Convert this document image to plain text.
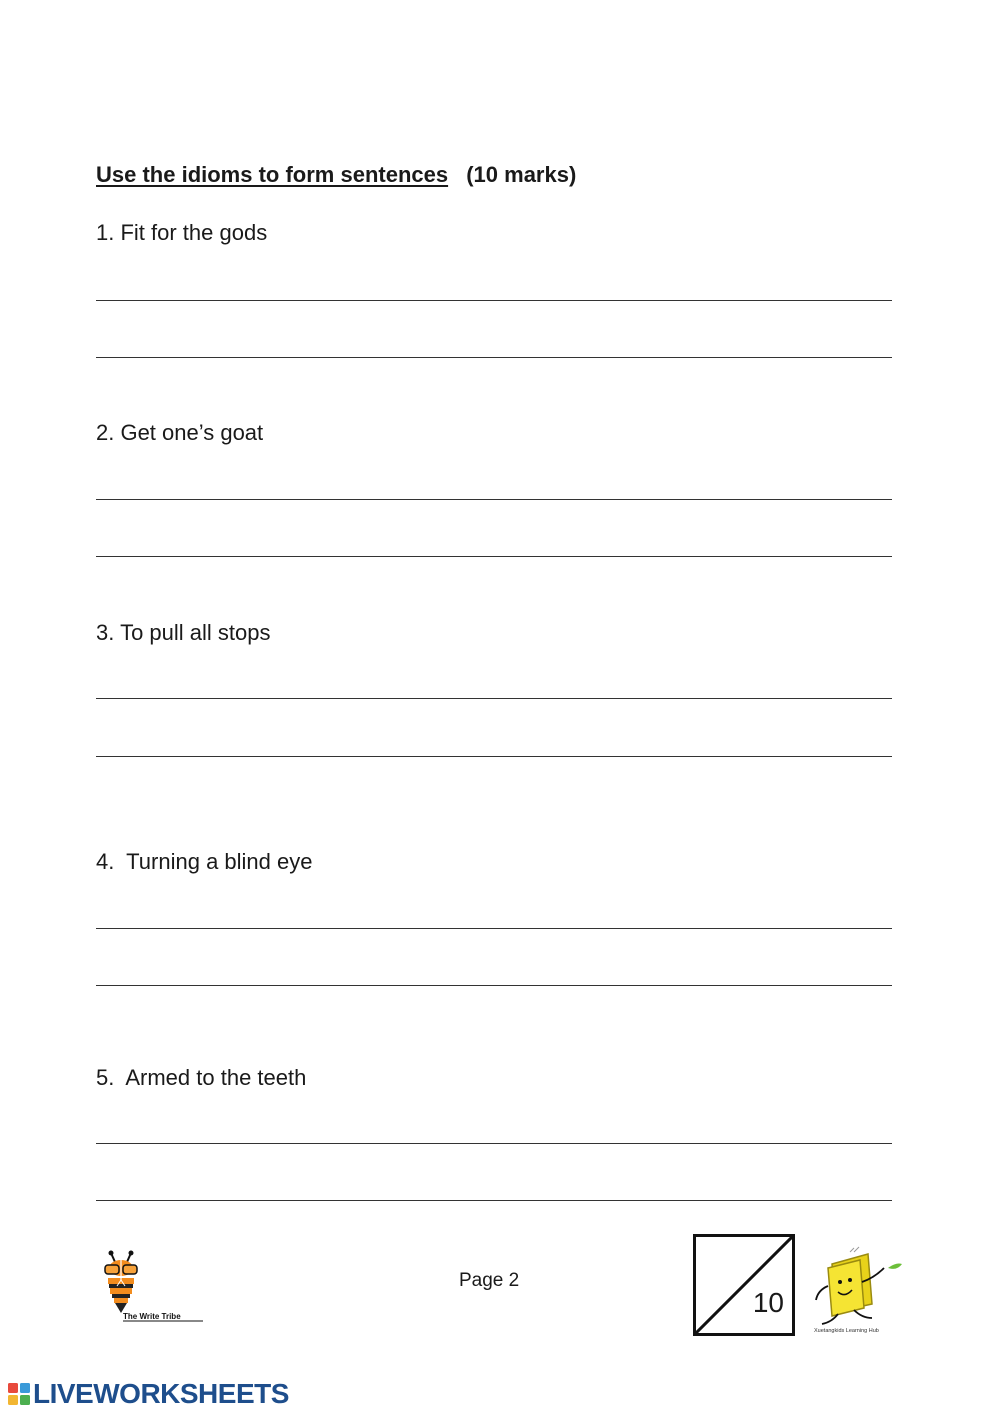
Use the idioms to form sentences (10 marks)
1. Fit for the gods
2. Get one’s goat
3. To pull all stops
4.  Turning a blind eye
5.  Armed to the teeth
The Write Tribe
Page 2
10
Xuetangkids Learning Hub
LIVEWORKSHEETS
